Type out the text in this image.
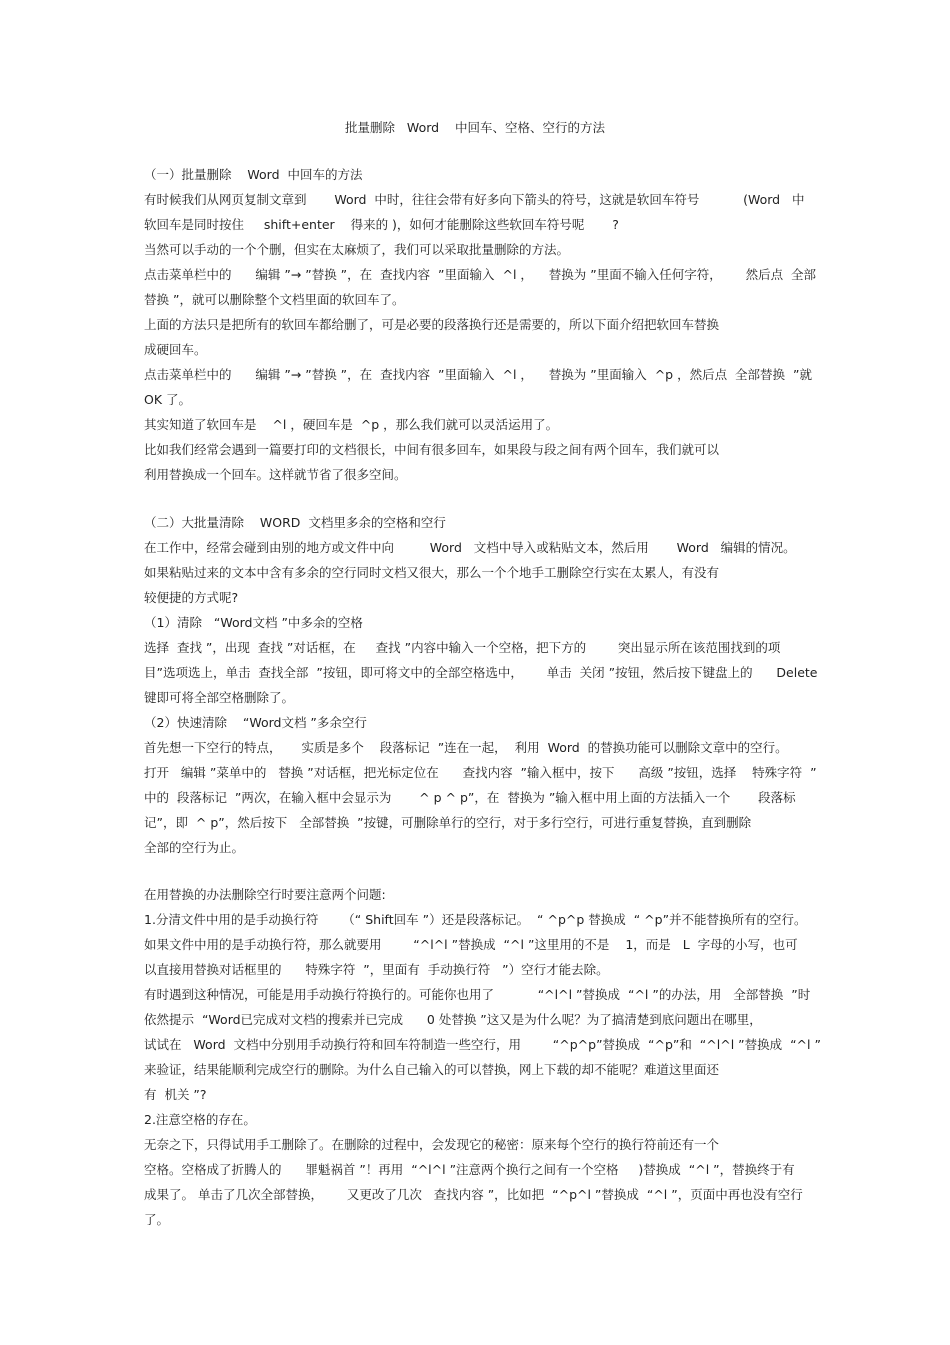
批量删除   Word    中回车、空格、空行的方法
（一）批量删除    Word  中回车的方法
有时候我们从网页复制文章到       Word  中时，往往会带有好多向下箭头的符号，这就是软回车符号           (Word   中
软回车是同时按住     shift+enter    得来的 )，如何才能删除这些软回车符号呢       ?
当然可以手动的一个个删，但实在太麻烦了，我们可以采取批量删除的方法。
点击菜单栏中的      编辑 ”→ ”替换 ”，在  查找内容  ”里面输入  ^l ，    替换为 ”里面不输入任何字符，      然后点  全部
替换 ”，就可以删除整个文档里面的软回车了。
上面的方法只是把所有的软回车都给删了，可是必要的段落换行还是需要的，所以下面介绍把软回车替换
成硬回车。
点击菜单栏中的      编辑 ”→ ”替换 ”，在  查找内容  ”里面输入  ^l ，    替换为 ”里面输入  ^p ，然后点  全部替换  ”就
OK 了。
其实知道了软回车是    ^l ，硬回车是  ^p ，那么我们就可以灵活运用了。
比如我们经常会遇到一篇要打印的文档很长，中间有很多回车，如果段与段之间有两个回车，我们就可以
利用替换成一个回车。这样就节省了很多空间。
（二）大批量清除    WORD  文档里多余的空格和空行
在工作中，经常会碰到由别的地方或文件中向         Word   文档中导入或粘贴文本，然后用       Word   编辑的情况。
如果粘贴过来的文本中含有多余的空行同时文档又很大，那么一个个地手工删除空行实在太累人，有没有
较便捷的方式呢?
（1）清除   “Word文档 ”中多余的空格
选择  查找 ”，出现  查找 ”对话框，在     查找 ”内容中输入一个空格，把下方的        突出显示所在该范围找到的项
目”选项选上，单击  查找全部  ”按钮，即可将文中的全部空格选中，      单击  关闭 ”按钮，然后按下键盘上的      Delete
键即可将全部空格删除了。
（2）快速清除    “Word文档 ”多余空行
首先想一下空行的特点，     实质是多个    段落标记  ”连在一起，  利用  Word  的替换功能可以删除文章中的空行。
打开   编辑 ”菜单中的   替换 ”对话框，把光标定位在      查找内容  ”输入框中，按下      高级 ”按钮，选择    特殊字符  ”
中的  段落标记  ”两次，在输入框中会显示为       ^ p ^ p”，在  替换为 ”输入框中用上面的方法插入一个       段落标
记”，即  ^ p”，然后按下   全部替换  ”按键，可删除单行的空行，对于多行空行，可进行重复替换，直到删除
全部的空行为止。
在用替换的办法删除空行时要注意两个问题:
1.分清文件中用的是手动换行符      （“ Shift回车 ”）还是段落标记。  “ ^p^p 替换成  “ ^p”并不能替换所有的空行。
如果文件中用的是手动换行符，那么就要用        “^l^l ”替换成  “^l ”这里用的不是    1，而是   L  字母的小写，也可
以直接用替换对话框里的      特殊字符  ”，里面有  手动换行符   ”）空行才能去除。
有时遇到这种情况，可能是用手动换行符换行的。可能你也用了           “^l^l ”替换成  “^l ”的办法，用   全部替换  ”时
依然提示  “Word已完成对文档的搜索并已完成      0 处替换 ”这又是为什么呢？为了搞清楚到底问题出在哪里，
试试在   Word  文档中分别用手动换行符和回车符制造一些空行，用        “^p^p”替换成  “^p”和  “^l^l ”替换成  “^l ”
来验证，结果能顺利完成空行的删除。为什么自己输入的可以替换，网上下载的却不能呢？难道这里面还
有  机关 ”?
2.注意空格的存在。
无奈之下，只得试用手工删除了。在删除的过程中，会发现它的秘密：原来每个空行的换行符前还有一个
空格。空格成了折腾人的      罪魁祸首 ”！再用  “^l^l ”注意两个换行之间有一个空格     )替换成  “^l ”，替换终于有
成果了。 单击了几次全部替换，      又更改了几次   查找内容 ”，比如把  “^p^l ”替换成  “^l ”，页面中再也没有空行
了。
